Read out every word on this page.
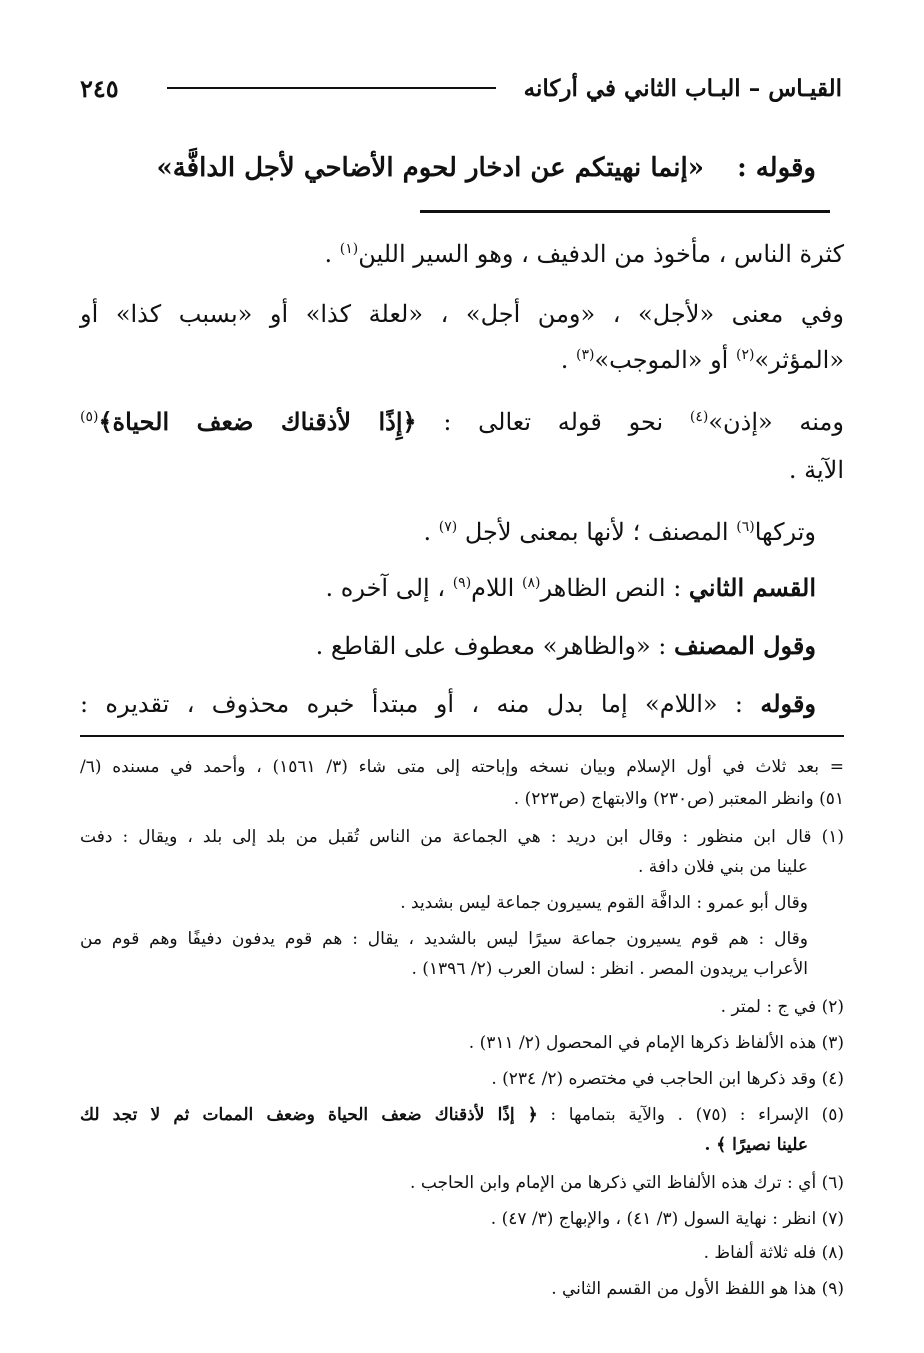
القيـاس – البـاب الثاني في أركانه
٢٤٥
وقوله :    «إنما نهيتكم عن ادخار لحوم الأضاحي لأجل الدافَّة»
كثرة الناس ، مأخوذ من الدفيف ، وهو السير اللين$^{(١)}$ .
وفي معنى «لأجل» ، «ومن أجل» ، «لعلة كذا» أو «بسبب كذا» أو
«المؤثر»$^{(٢)}$ أو «الموجب»$^{(٣)}$ .
ومنه «إذن»$^{(٤)}$ نحو قوله تعالى : ﴿إِذًا لأذقناك ضعف الحياة﴾$^{(٥)}$
الآية .
وتركها$^{(٦)}$ المصنف ؛ لأنها بمعنى لأجل $^{(٧)}$ .
القسم الثاني : النص الظاهر$^{(٨)}$ اللام$^{(٩)}$ ، إلى آخره .
وقول المصنف : «والظاهر» معطوف على القاطع .
وقوله : «اللام» إما بدل منه ، أو مبتدأ خبره محذوف ، تقديره :
= بعد ثلاث في أول الإسلام وبيان نسخه وإباحته إلى متى شاء (٣/ ١٥٦١) ، وأحمد في مسنده (٦/
٥١) وانظر المعتبر (ص٢٣٠) والابتهاج (ص٢٢٣) .
(١) قال ابن منظور : وقال ابن دريد : هي الجماعة من الناس تُقبل من بلد إلى بلد ، ويقال : دفت
علينا من بني فلان دافة .
وقال أبو عمرو : الدافَّة القوم يسيرون جماعة ليس بشديد .
وقال : هم قوم يسيرون جماعة سيرًا ليس بالشديد ، يقال : هم قوم يدفون دفيفًا وهم قوم من
الأعراب يريدون المصر . انظر : لسان العرب (٢/ ١٣٩٦) .
(٢) في ج : لمتر .
(٣) هذه الألفاظ ذكرها الإمام في المحصول (٢/ ٣١١) .
(٤) وقد ذكرها ابن الحاجب في مختصره (٢/ ٢٣٤) .
(٥) الإسراء : (٧٥) . والآية بتمامها : ﴿ إذًا لأذقناك ضعف الحياة وضعف الممات ثم لا تجد لك
علينا نصيرًا ﴾ .
(٦) أي : ترك هذه الألفاظ التي ذكرها من الإمام وابن الحاجب .
(٧) انظر : نهاية السول (٣/ ٤١) ، والإبهاج (٣/ ٤٧) .
(٨) فله ثلاثة ألفاظ .
(٩) هذا هو اللفظ الأول من القسم الثاني .
